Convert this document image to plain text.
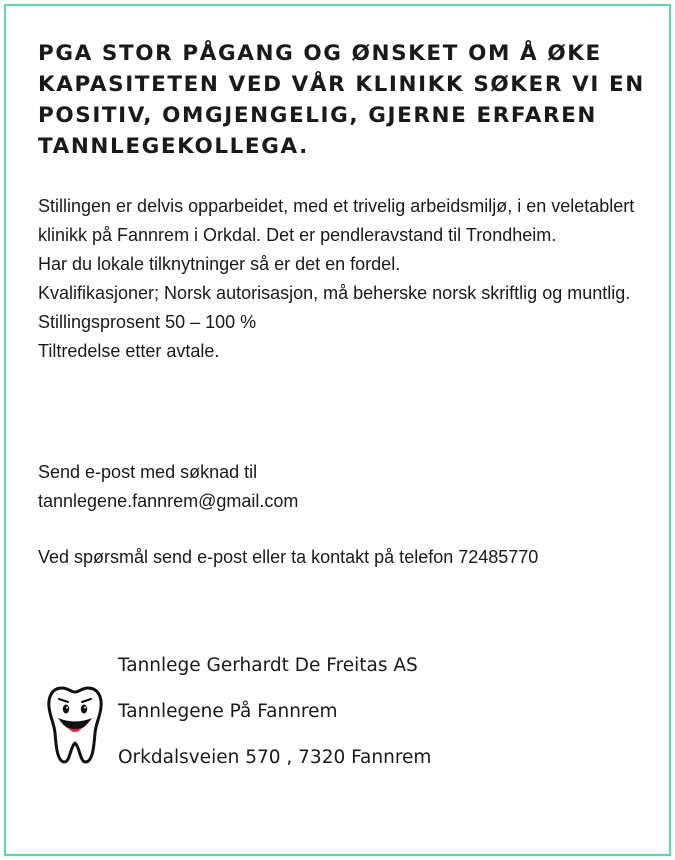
PGA STOR PÅGANG OG ØNSKET OM Å ØKE KAPASITETEN VED VÅR KLINIKK SØKER VI EN POSITIV, OMGJENGELIG, GJERNE ERFAREN TANNLEGEKOLLEGA.

Stillingen er delvis opparbeidet, med et trivelig arbeidsmiljø, i en veletablert klinikk på Fannrem i Orkdal. Det er pendleravstand til Trondheim.

Har du lokale tilknytninger så er det en fordel.

Kvalifikasjoner; Norsk autorisasjon, må beherske norsk skriftlig og muntlig.

Stillingsprosent 50 – 100 %

Tiltredelse etter avtale.

Send e-post med søknad til

tannlegene.fannrem@gmail.com

Ved spørsmål send e-post eller ta kontakt på telefon 72485770

Tannlege Gerhardt De Freitas AS

Tannlegene På Fannrem

Orkdalsveien 570 , 7320 Fannrem
